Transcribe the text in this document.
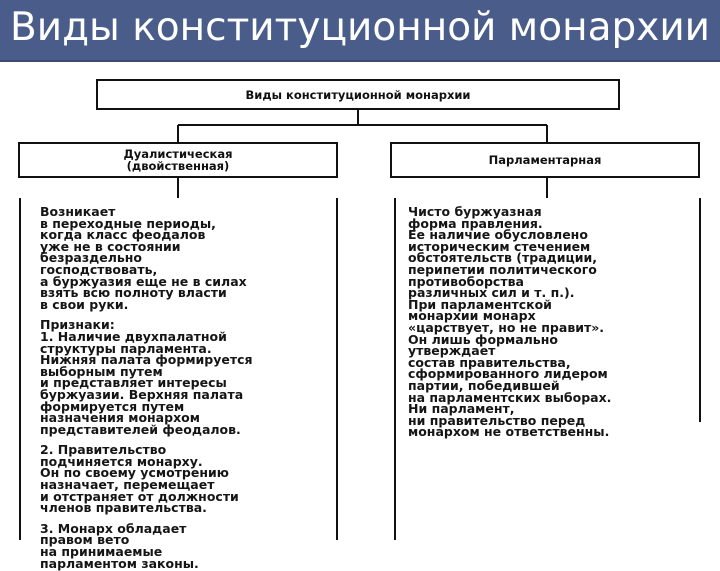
Виды конституционной монархии
Виды конституционной монархии
Дуалистическая
(двойственная)	Парламентарная
Возникает
в переходные периоды,
когда класс феодалов
уже не в состоянии
безраздельно
господствовать,
а буржуазия еще не в силах
взять всю полноту власти
в свои руки.
Признаки:
1. Наличие двухпалатной
структуры парламента.
Нижняя палата формируется
выборным путем
и представляет интересы
буржуазии. Верхняя палата
формируется путем
назначения монархом
представителей феодалов.
2. Правительство
подчиняется монарху.
Он по своему усмотрению
назначает, перемещает
и отстраняет от должности
членов правительства.
3. Монарх обладает
правом вето
на принимаемые
парламентом законы.
Чисто буржуазная
форма правления.
Ее наличие обусловлено
историческим стечением
обстоятельств (традиции,
перипетии политического
противоборства
различных сил и т. п.).
При парламентской
монархии монарх
«царствует, но не правит».
Он лишь формально
утверждает
состав правительства,
сформированного лидером
партии, победившей
на парламентских выборах.
Ни парламент,
ни правительство перед
монархом не ответственны.
